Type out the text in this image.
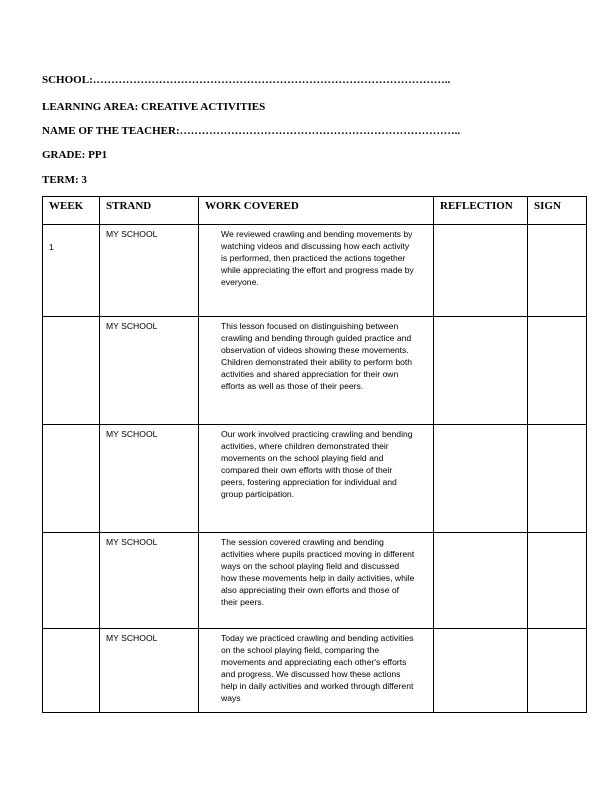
SCHOOL:……………………………………………………………………………………..
LEARNING AREA: CREATIVE ACTIVITIES
NAME OF THE TEACHER:…………………………………………………………………..
GRADE: PP1
TERM: 3
WEEK	STRAND	WORK COVERED	REFLECTION	SIGN
1	MY SCHOOL	We reviewed crawling and bending movements by watching videos and discussing how each activity is performed, then practiced the actions together while appreciating the effort and progress made by everyone.		

	MY SCHOOL	This lesson focused on distinguishing between crawling and bending through guided practice and observation of videos showing these movements. Children demonstrated their ability to perform both activities and shared appreciation for their own efforts as well as those of their peers.		

	MY SCHOOL	Our work involved practicing crawling and bending activities, where children demonstrated their movements on the school playing field and compared their own efforts with those of their peers, fostering appreciation for individual and group participation.		

	MY SCHOOL	The session covered crawling and bending activities where pupils practiced moving in different ways on the school playing field and discussed how these movements help in daily activities, while also appreciating their own efforts and those of their peers.		

	MY SCHOOL	Today we practiced crawling and bending activities on the school playing field, comparing the movements and appreciating each other's efforts and progress. We discussed how these actions help in daily activities and worked through different ways		
